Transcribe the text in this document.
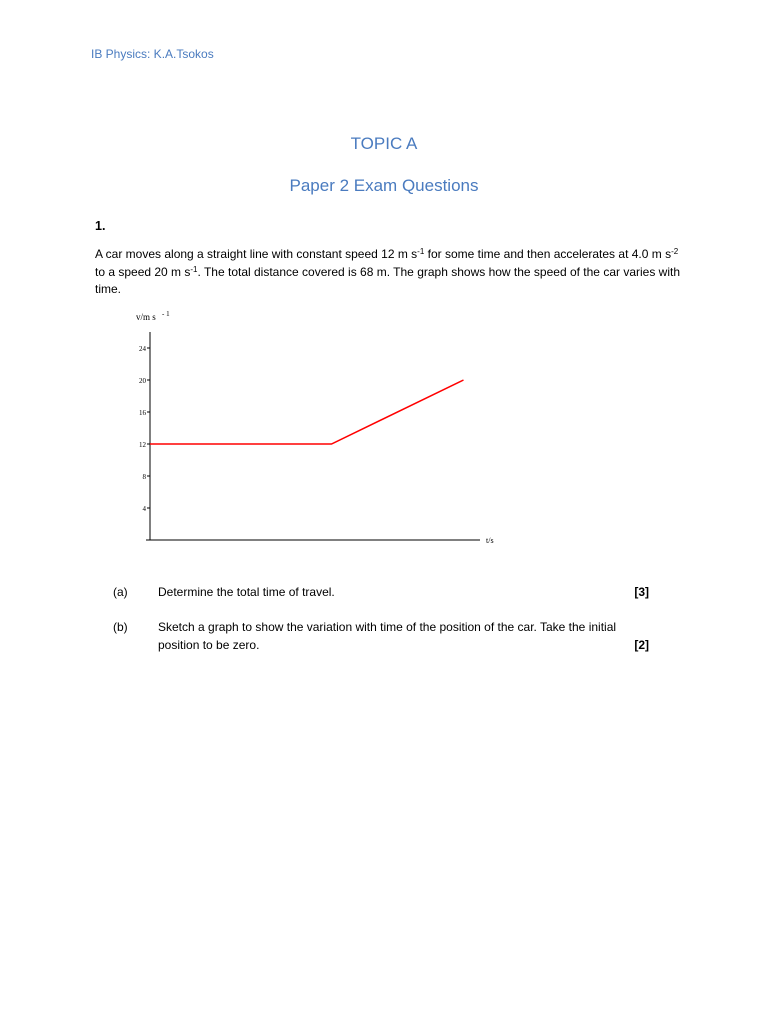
IB Physics: K.A.Tsokos
TOPIC A
Paper 2 Exam Questions
1.
A car moves along a straight line with constant speed 12 m $s^{-1}$ for some time and then accelerates at 4.0 m $s^{-2}$ to a speed 20 m $s^{-1}$. The total distance covered is 68 m. The graph shows how the speed of the car varies with time.
v/m s - 1
t/s
4
8
12
16
20
24
(a)	Determine the total time of travel.	[3]
(b)	Sketch a graph to show the variation with time of the position of the car. Take the initial position to be zero.	[2]
